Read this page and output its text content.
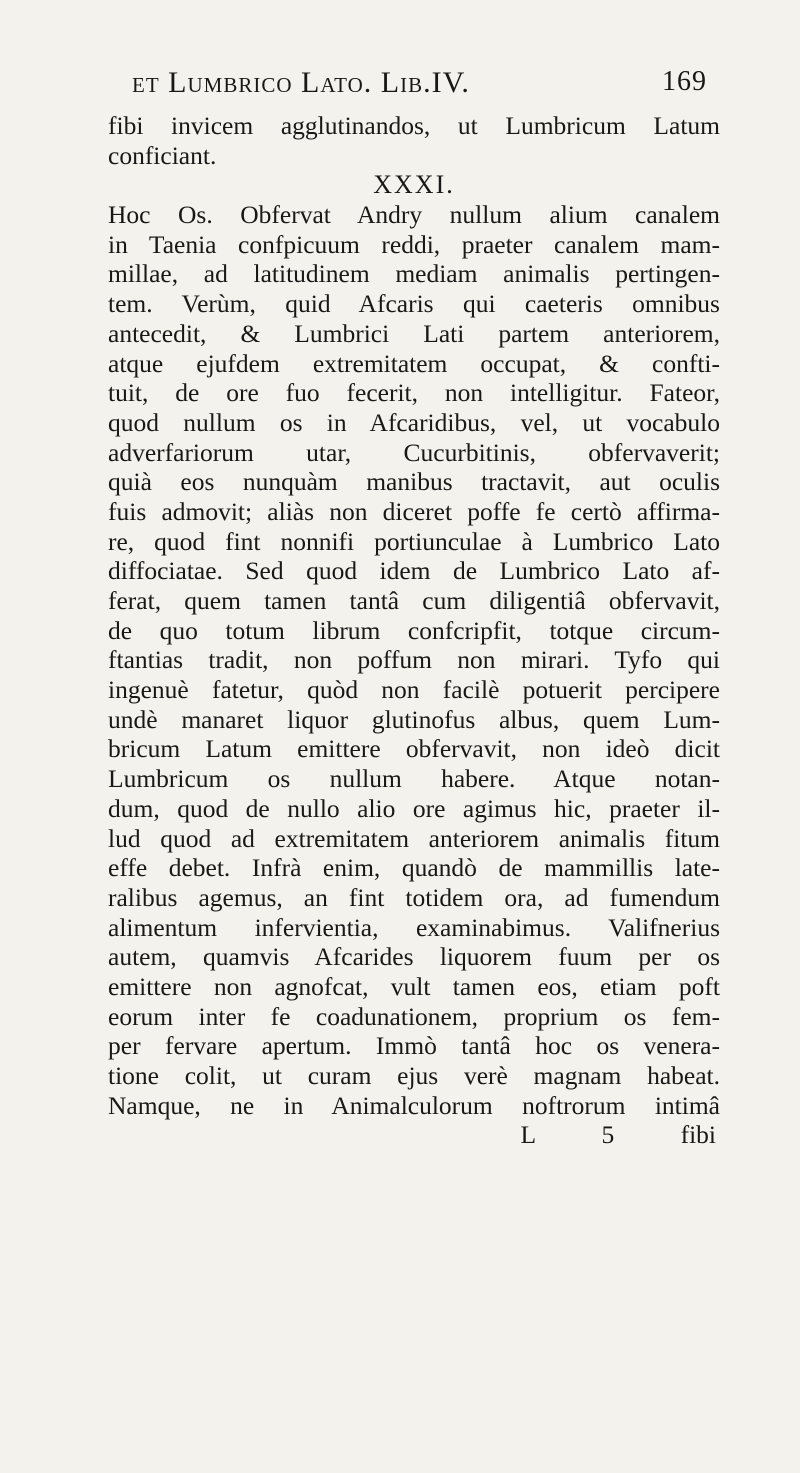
et Lumbrico Lato. Lib.IV.	169
fibi invicem agglutinandos, ut Lumbricum Latum
conficiant.
XXXI.
Hoc Os. Obfervat Andry nullum alium canalem
in Taenia confpicuum reddi, praeter canalem mam-
millae, ad latitudinem mediam animalis pertingen-
tem. Verùm, quid Afcaris qui caeteris omnibus
antecedit, & Lumbrici Lati partem anteriorem,
atque ejufdem extremitatem occupat, & confti-
tuit, de ore fuo fecerit, non intelligitur. Fateor,
quod nullum os in Afcaridibus, vel, ut vocabulo
adverfariorum utar, Cucurbitinis, obfervaverit;
quià eos nunquàm manibus tractavit, aut oculis
fuis admovit; aliàs non diceret poffe fe certò affirma-
re, quod fint nonnifi portiunculae à Lumbrico Lato
diffociatae. Sed quod idem de Lumbrico Lato af-
ferat, quem tamen tantâ cum diligentiâ obfervavit,
de quo totum librum confcripfit, totque circum-
ftantias tradit, non poffum non mirari. Tyfo qui
ingenuè fatetur, quòd non facilè potuerit percipere
undè manaret liquor glutinofus albus, quem Lum-
bricum Latum emittere obfervavit, non ideò dicit
Lumbricum os nullum habere. Atque notan-
dum, quod de nullo alio ore agimus hic, praeter il-
lud quod ad extremitatem anteriorem animalis fitum
effe debet. Infrà enim, quandò de mammillis late-
ralibus agemus, an fint totidem ora, ad fumendum
alimentum infervientia, examinabimus. Valifnerius
autem, quamvis Afcarides liquorem fuum per os
emittere non agnofcat, vult tamen eos, etiam poft
eorum inter fe coadunationem, proprium os fem-
per fervare apertum. Immò tantâ hoc os venera-
tione colit, ut curam ejus verè magnam habeat.
Namque, ne in Animalculorum noftrorum intimâ
L 5	fibi
